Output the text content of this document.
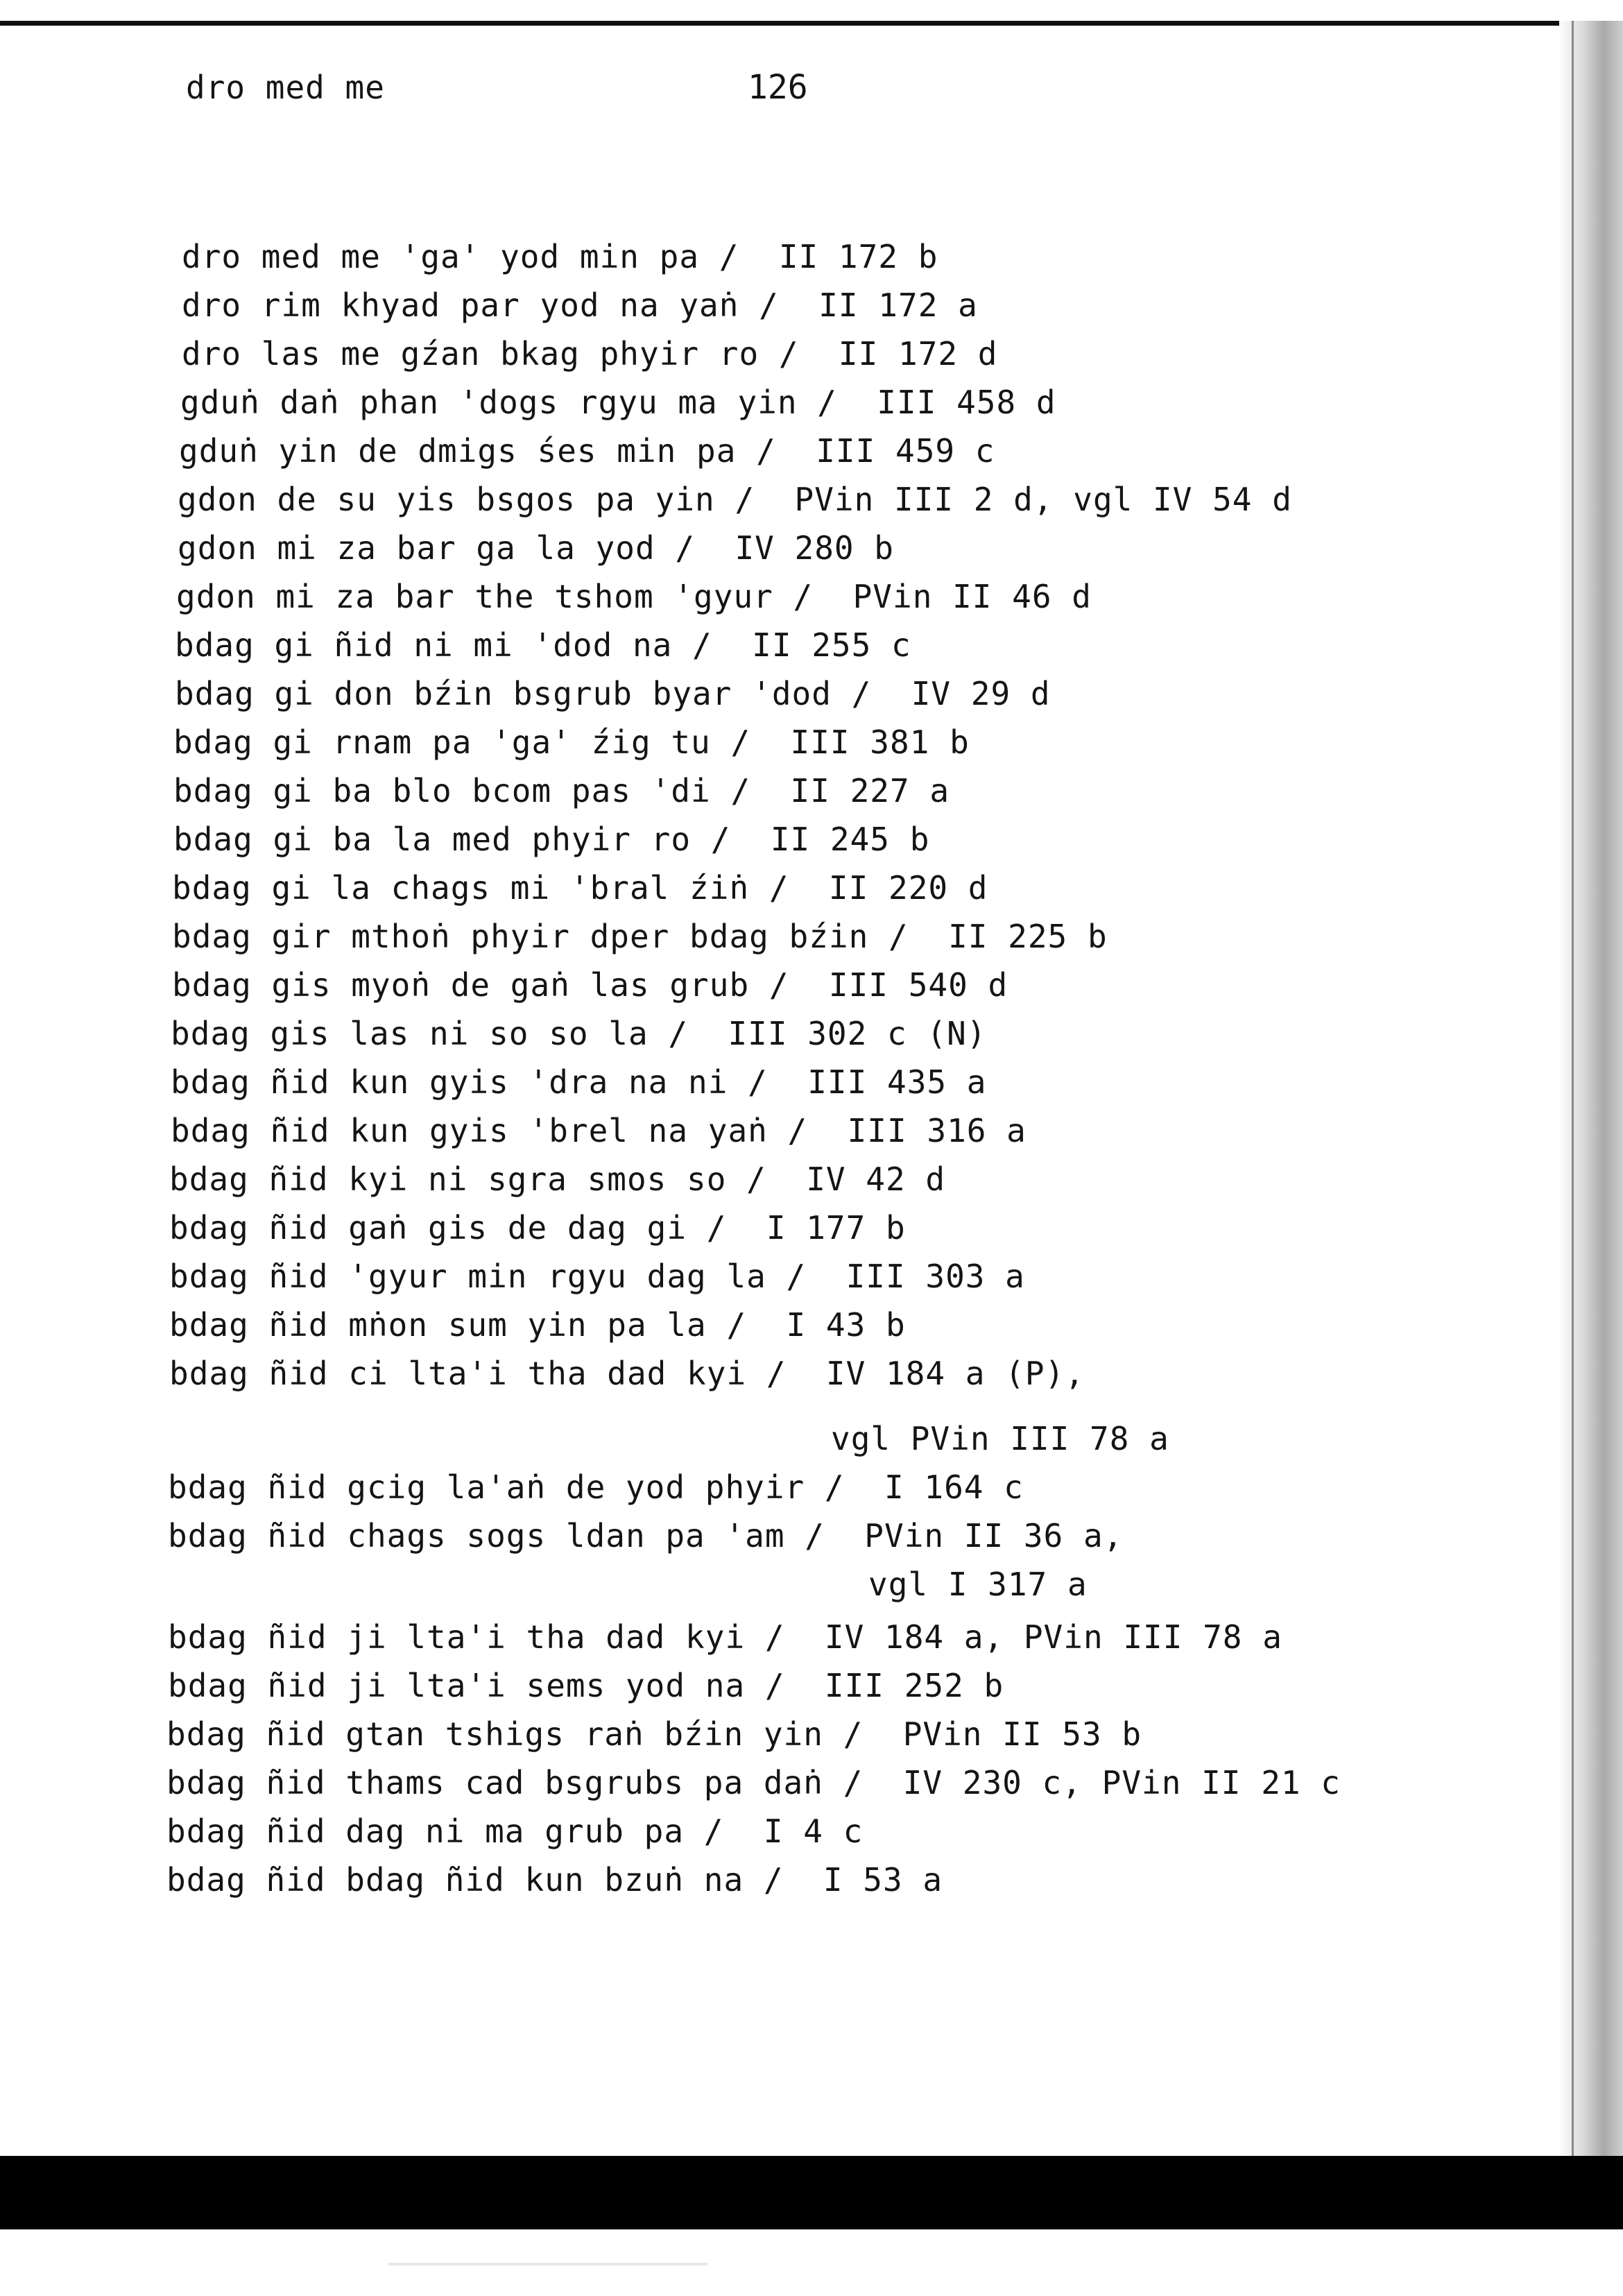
dro med me	126
dro med me 'ga' yod min pa /  II 172 b
dro rim khyad par yod na yaṅ /  II 172 a
dro las me gźan bkag phyir ro /  II 172 d
gduṅ daṅ phan 'dogs rgyu ma yin /  III 458 d
gduṅ yin de dmigs śes min pa /  III 459 c
gdon de su yis bsgos pa yin /  PVin III 2 d, vgl IV 54 d
gdon mi za bar ga la yod /  IV 280 b
gdon mi za bar the tshom 'gyur /  PVin II 46 d
bdag gi ñid ni mi 'dod na /  II 255 c
bdag gi don bźin bsgrub byar 'dod /  IV 29 d
bdag gi rnam pa 'ga' źig tu /  III 381 b
bdag gi ba blo bcom pas 'di /  II 227 a
bdag gi ba la med phyir ro /  II 245 b
bdag gi la chags mi 'bral źiṅ /  II 220 d
bdag gir mthoṅ phyir dper bdag bźin /  II 225 b
bdag gis myoṅ de gaṅ las grub /  III 540 d
bdag gis las ni so so la /  III 302 c (N)
bdag ñid kun gyis 'dra na ni /  III 435 a
bdag ñid kun gyis 'brel na yaṅ /  III 316 a
bdag ñid kyi ni sgra smos so /  IV 42 d
bdag ñid gaṅ gis de dag gi /  I 177 b
bdag ñid 'gyur min rgyu dag la /  III 303 a
bdag ñid mṅon sum yin pa la /  I 43 b
bdag ñid ci lta'i tha dad kyi /  IV 184 a (P),
vgl PVin III 78 a
bdag ñid gcig la'aṅ de yod phyir /  I 164 c
bdag ñid chags sogs ldan pa 'am /  PVin II 36 a,
vgl I 317 a
bdag ñid ji lta'i tha dad kyi /  IV 184 a, PVin III 78 a
bdag ñid ji lta'i sems yod na /  III 252 b
bdag ñid gtan tshigs raṅ bźin yin /  PVin II 53 b
bdag ñid thams cad bsgrubs pa daṅ /  IV 230 c, PVin II 21 c
bdag ñid dag ni ma grub pa /  I 4 c
bdag ñid bdag ñid kun bzuṅ na /  I 53 a
